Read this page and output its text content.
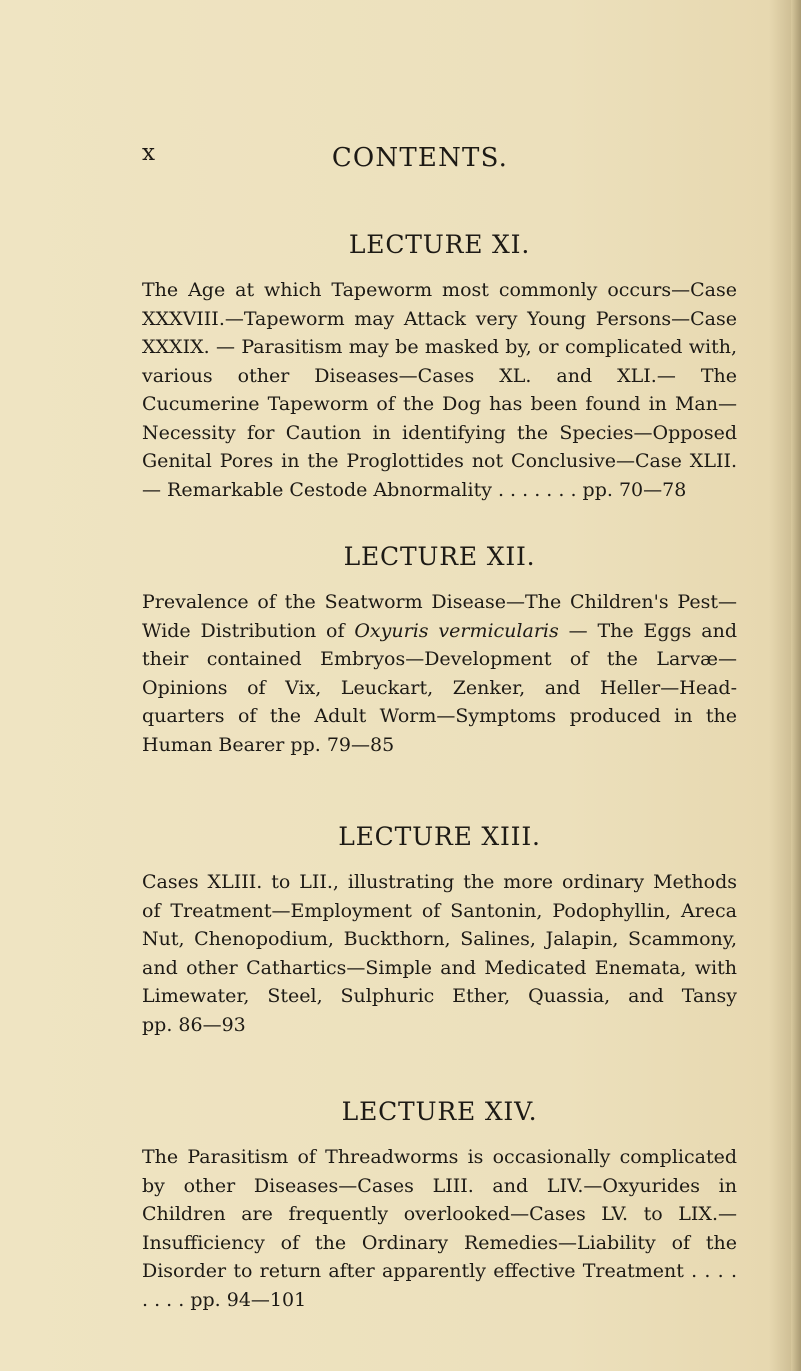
x	CONTENTS.
LECTURE XI.

The Age at which Tapeworm most commonly occurs—Case XXXVIII.—Tapeworm may Attack very Young Persons—Case XXXIX. — Parasitism may be masked by, or complicated with, various other Diseases—Cases XL. and XLI.— The Cucumerine Tapeworm of the Dog has been found in Man— Necessity for Caution in identifying the Species—Opposed Genital Pores in the Proglottides not Conclusive—Case XLII.— Remarkable Cestode Abnormality . . . . . . . pp. 70—78

LECTURE XII.

Prevalence of the Seatworm Disease—The Children's Pest—Wide Distribution of Oxyuris vermicularis — The Eggs and their contained Embryos—Development of the Larvæ—Opinions of Vix, Leuckart, Zenker, and Heller—Head-quarters of the Adult Worm—Symptoms produced in the Human Bearer pp. 79—85

LECTURE XIII.

Cases XLIII. to LII., illustrating the more ordinary Methods of Treatment—Employment of Santonin, Podophyllin, Areca Nut, Chenopodium, Buckthorn, Salines, Jalapin, Scammony, and other Cathartics—Simple and Medicated Enemata, with Limewater, Steel, Sulphuric Ether, Quassia, and Tansy pp. 86—93

LECTURE XIV.

The Parasitism of Threadworms is occasionally complicated by other Diseases—Cases LIII. and LIV.—Oxyurides in Children are frequently overlooked—Cases LV. to LIX.—Insufficiency of the Ordinary Remedies—Liability of the Disorder to return after apparently effective Treatment . . . . . . . . pp. 94—101
